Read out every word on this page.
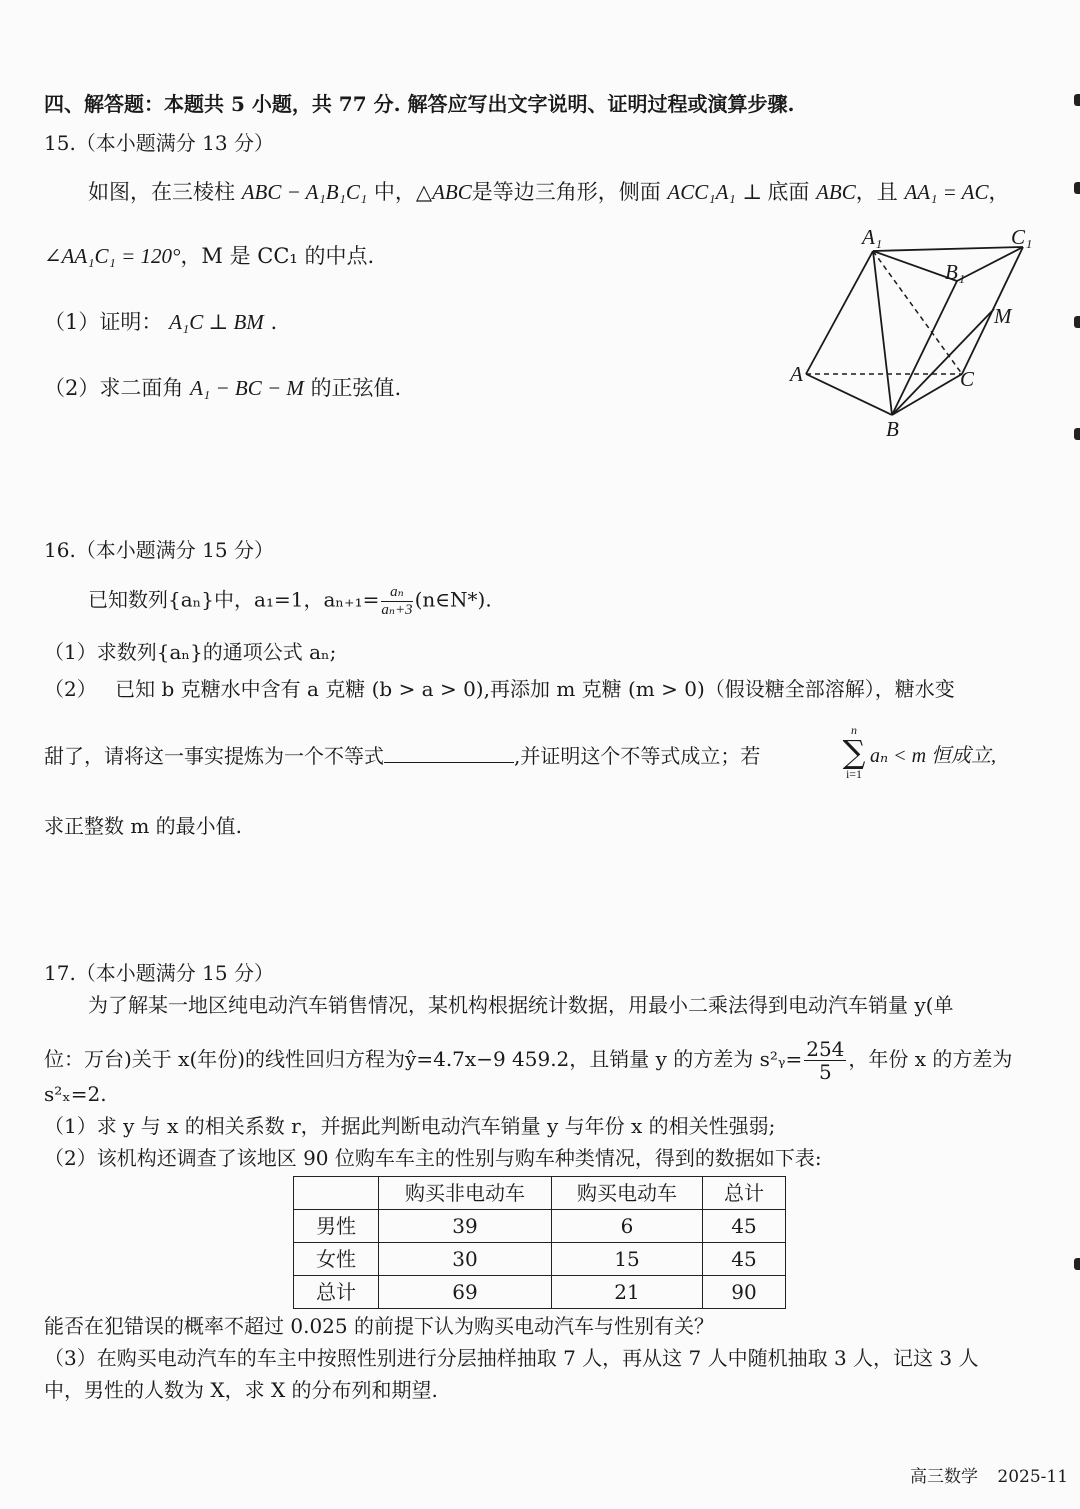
四、解答题：本题共 5 小题，共 77 分. 解答应写出文字说明、证明过程或演算步骤.
15.（本小题满分 13 分）
如图，在三棱柱 ABC − A₁B₁C₁ 中，△ABC是等边三角形，侧面 ACC₁A₁ ⊥ 底面 ABC，且 AA₁ = AC，
∠AA₁C₁ = 120°，M 是 CC₁ 的中点.
（1）证明： A₁C ⊥ BM .
（2）求二面角 A₁ − BC − M 的正弦值.
A₁	C₁
B₁
M
A	C
B
16.（本小题满分 15 分）
已知数列{aₙ}中，a₁=1，$a_{n+1}= \frac{\text{aₙ}}{\text{aₙ+3}}$ (n∈N*).
（1）求数列{aₙ}的通项公式 aₙ;
（2） 已知 b 克糖水中含有 a 克糖 (b > a > 0),再添加 m 克糖 (m > 0)（假设糖全部溶解），糖水变
甜了，请将这一事实提炼为一个不等式	,并证明这个不等式成立；若
n
∑
i=1
aₙ < m 恒成立,
求正整数 m 的最小值.
17.（本小题满分 15 分）
为了解某一地区纯电动汽车销售情况，某机构根据统计数据，用最小二乘法得到电动汽车销量 y(单
位：万台)关于 x(年份)的线性回归方程为ŷ=4.7x−9 459.2，且销量 y 的方差为 s²ᵧ= $\frac{254}{5}$ ，年份 x 的方差为
s²ₓ=2.
（1）求 y 与 x 的相关系数 r，并据此判断电动汽车销量 y 与年份 x 的相关性强弱;
（2）该机构还调查了该地区 90 位购车车主的性别与购车种类情况，得到的数据如下表:
	购买非电动车	购买电动车	总计
男性	39	6	45
女性	30	15	45
总计	69	21	90
能否在犯错误的概率不超过 0.025 的前提下认为购买电动汽车与性别有关？
（3）在购买电动汽车的车主中按照性别进行分层抽样抽取 7 人，再从这 7 人中随机抽取 3 人，记这 3 人
中，男性的人数为 X，求 X 的分布列和期望.
高三数学 2025-11
